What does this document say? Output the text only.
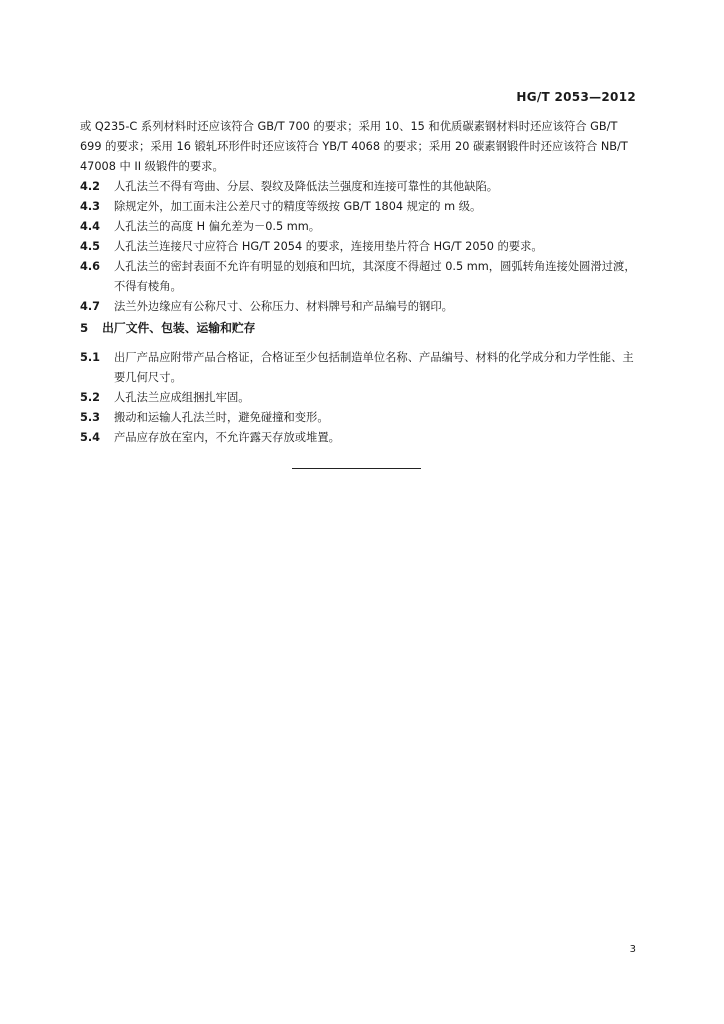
HG/T 2053—2012
或 Q235-C 系列材料时还应该符合 GB/T 700 的要求；采用 10、15 和优质碳素钢材料时还应该符合 GB/T 699 的要求；采用 16 锻轧环形件时还应该符合 YB/T 4068 的要求；采用 20 碳素钢锻件时还应该符合 NB/T 47008 中 II 级锻件的要求。
4.2	人孔法兰不得有弯曲、分层、裂纹及降低法兰强度和连接可靠性的其他缺陷。
4.3	除规定外，加工面未注公差尺寸的精度等级按 GB/T 1804 规定的 m 级。
4.4	人孔法兰的高度 H 偏允差为－0.5 mm。
4.5	人孔法兰连接尺寸应符合 HG/T 2054 的要求，连接用垫片符合 HG/T 2050 的要求。
4.6	人孔法兰的密封表面不允许有明显的划痕和凹坑，其深度不得超过 0.5 mm，圆弧转角连接处圆滑过渡，不得有棱角。
4.7	法兰外边缘应有公称尺寸、公称压力、材料牌号和产品编号的钢印。
5 出厂文件、包装、运输和贮存
5.1	出厂产品应附带产品合格证，合格证至少包括制造单位名称、产品编号、材料的化学成分和力学性能、主要几何尺寸。
5.2	人孔法兰应成组捆扎牢固。
5.3	搬动和运输人孔法兰时，避免碰撞和变形。
5.4	产品应存放在室内，不允许露天存放或堆置。
3
